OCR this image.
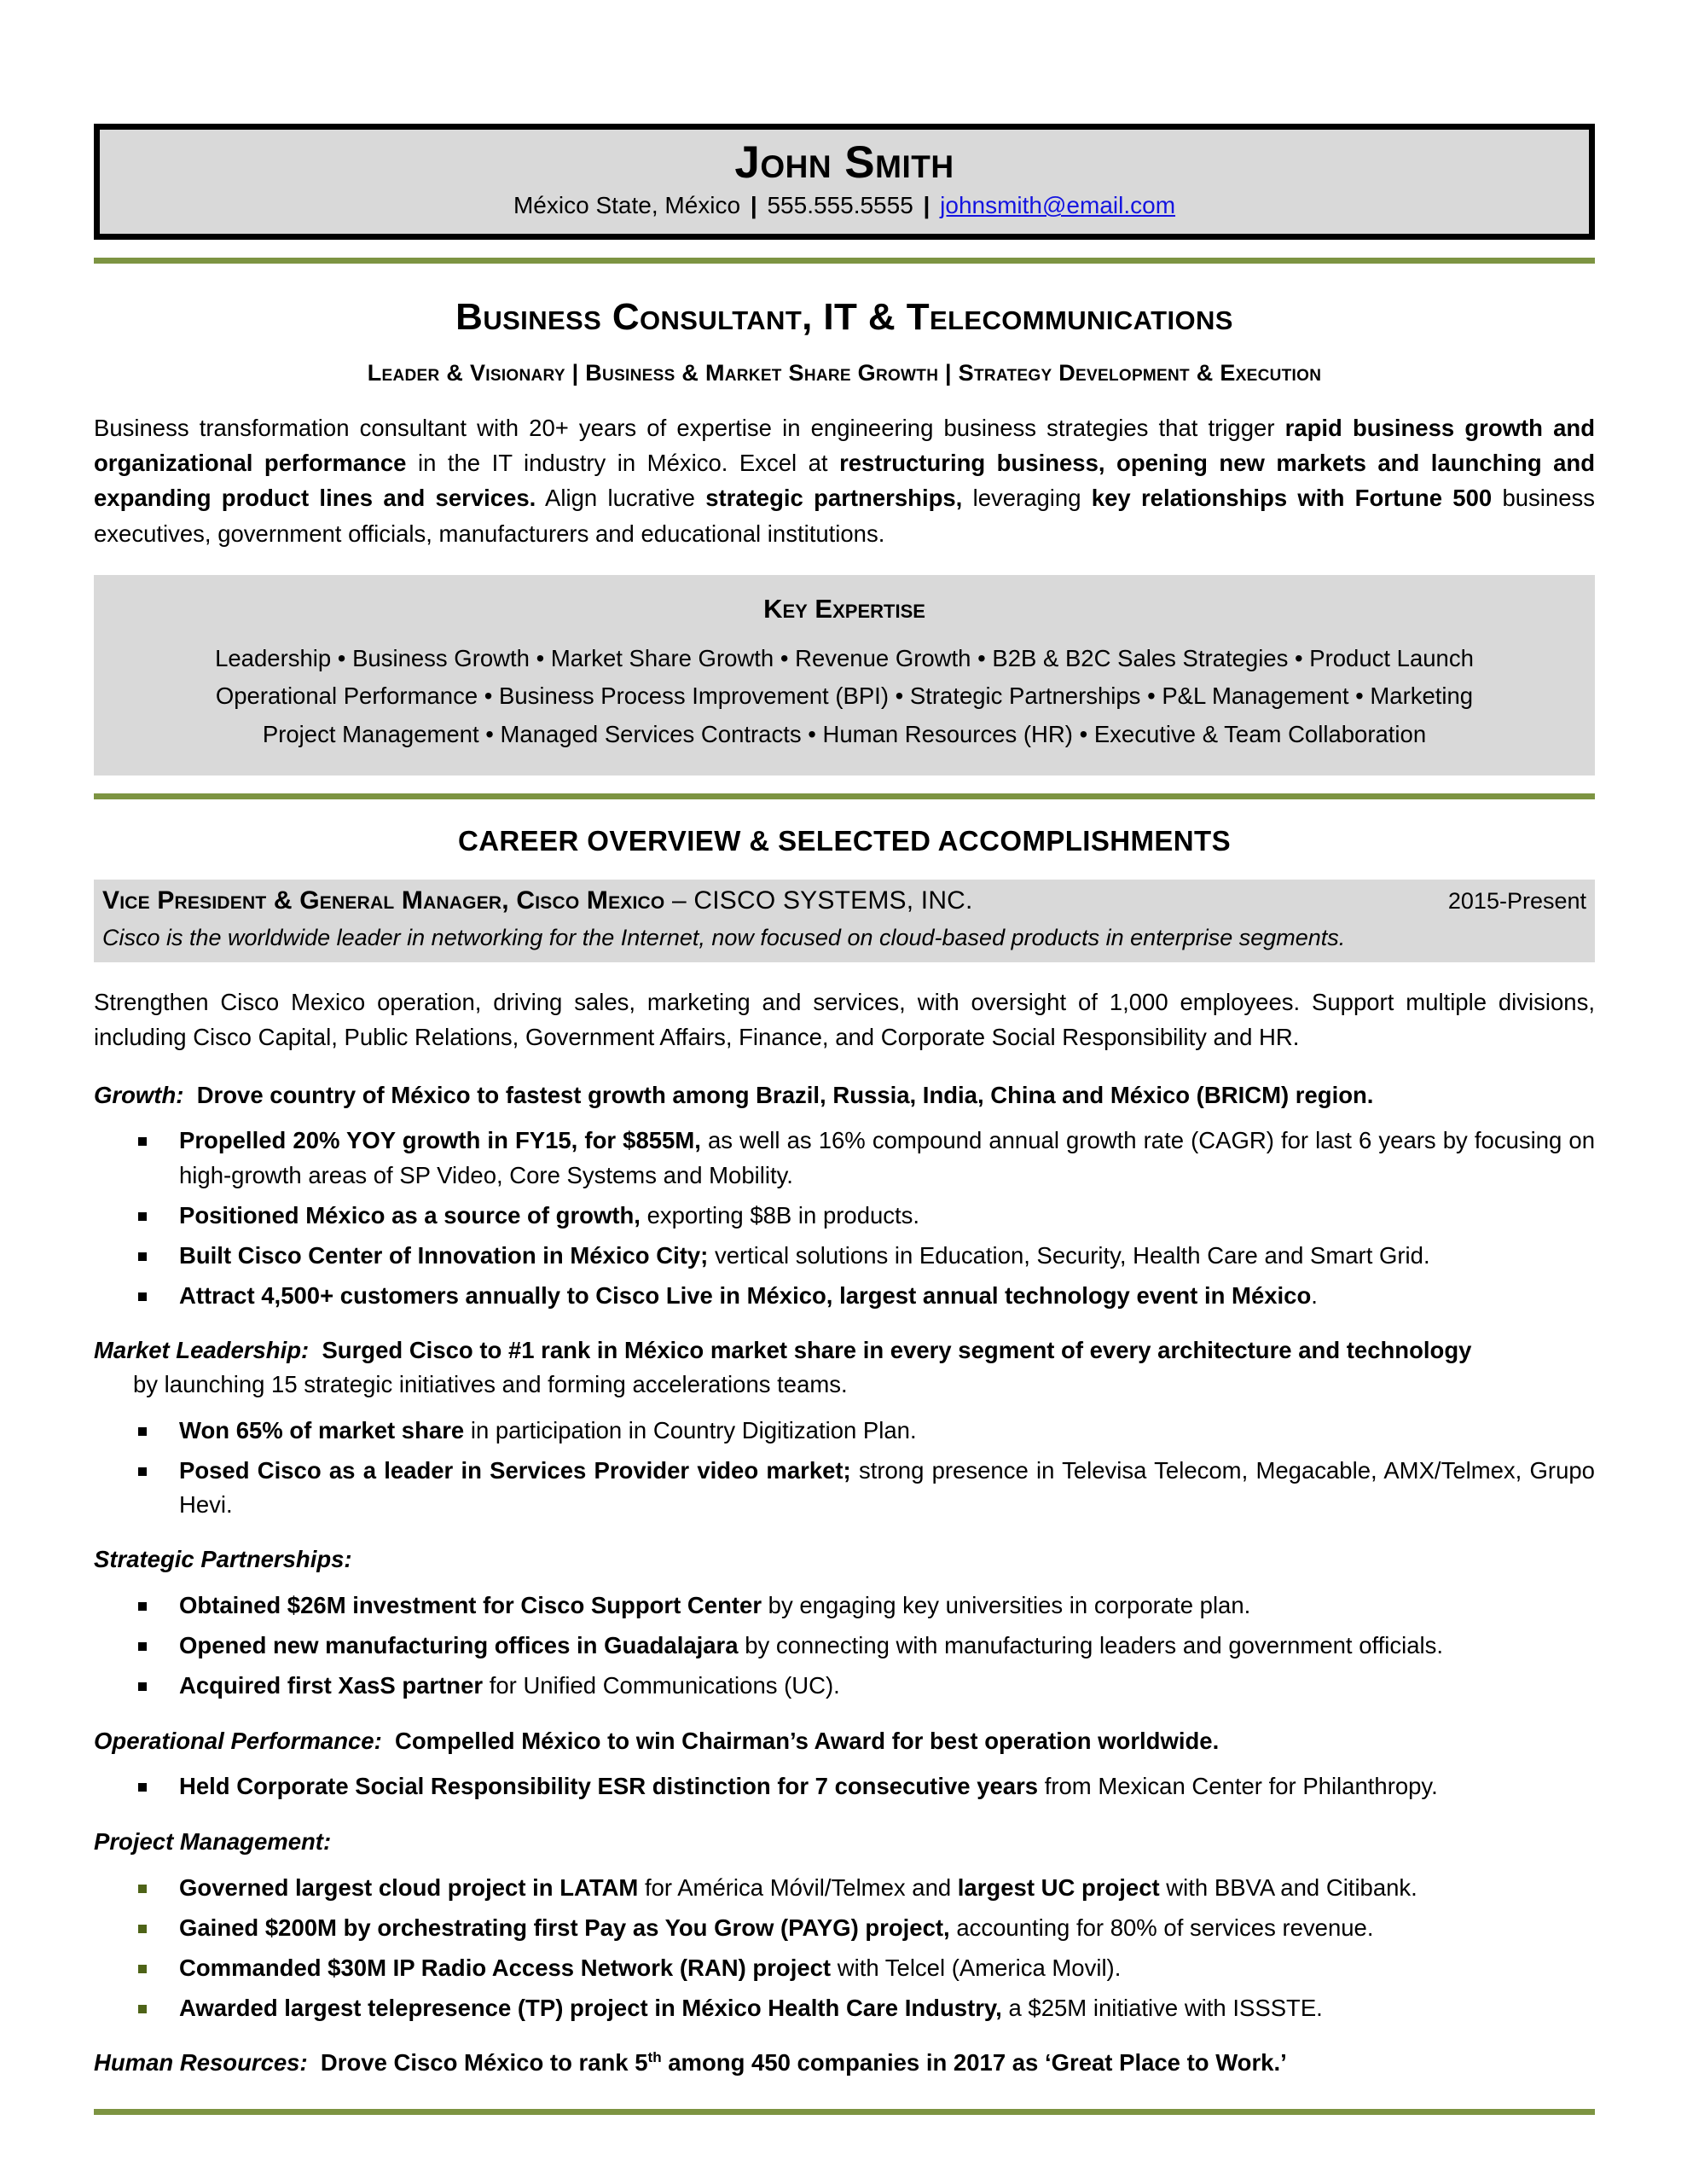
John Smith
México State, México | 555.555.5555 | johnsmith@email.com
Business Consultant, IT & Telecommunications
Leader & Visionary | Business & Market Share Growth | Strategy Development & Execution

Business transformation consultant with 20+ years of expertise in engineering business strategies that trigger rapid business growth and organizational performance in the IT industry in México. Excel at restructuring business, opening new markets and launching and expanding product lines and services. Align lucrative strategic partnerships, leveraging key relationships with Fortune 500 business executives, government officials, manufacturers and educational institutions.

Key Expertise
Leadership • Business Growth • Market Share Growth • Revenue Growth • B2B & B2C Sales Strategies • Product Launch
Operational Performance • Business Process Improvement (BPI) • Strategic Partnerships • P&L Management • Marketing
Project Management • Managed Services Contracts • Human Resources (HR) • Executive & Team Collaboration
CAREER OVERVIEW & SELECTED ACCOMPLISHMENTS
Vice President & General Manager, Cisco Mexico – CISCO SYSTEMS, INC.	2015-Present
Cisco is the worldwide leader in networking for the Internet, now focused on cloud-based products in enterprise segments.

Strengthen Cisco Mexico operation, driving sales, marketing and services, with oversight of 1,000 employees. Support multiple divisions, including Cisco Capital, Public Relations, Government Affairs, Finance, and Corporate Social Responsibility and HR.

Growth: Drove country of México to fastest growth among Brazil, Russia, India, China and México (BRICM) region.
Propelled 20% YOY growth in FY15, for $855M, as well as 16% compound annual growth rate (CAGR) for last 6 years by focusing on high-growth areas of SP Video, Core Systems and Mobility.
Positioned México as a source of growth, exporting $8B in products.
Built Cisco Center of Innovation in México City; vertical solutions in Education, Security, Health Care and Smart Grid.
Attract 4,500+ customers annually to Cisco Live in México, largest annual technology event in México.
Market Leadership: Surged Cisco to #1 rank in México market share in every segment of every architecture and technology
by launching 15 strategic initiatives and forming accelerations teams.
Won 65% of market share in participation in Country Digitization Plan.
Posed Cisco as a leader in Services Provider video market; strong presence in Televisa Telecom, Megacable, AMX/Telmex, Grupo Hevi.
Strategic Partnerships:
Obtained $26M investment for Cisco Support Center by engaging key universities in corporate plan.
Opened new manufacturing offices in Guadalajara by connecting with manufacturing leaders and government officials.
Acquired first XasS partner for Unified Communications (UC).
Operational Performance: Compelled México to win Chairman’s Award for best operation worldwide.
Held Corporate Social Responsibility ESR distinction for 7 consecutive years from Mexican Center for Philanthropy.
Project Management:
Governed largest cloud project in LATAM for América Móvil/Telmex and largest UC project with BBVA and Citibank.
Gained $200M by orchestrating first Pay as You Grow (PAYG) project, accounting for 80% of services revenue.
Commanded $30M IP Radio Access Network (RAN) project with Telcel (America Movil).
Awarded largest telepresence (TP) project in México Health Care Industry, a $25M initiative with ISSSTE.
Human Resources: Drove Cisco México to rank 5th among 450 companies in 2017 as ‘Great Place to Work.’
